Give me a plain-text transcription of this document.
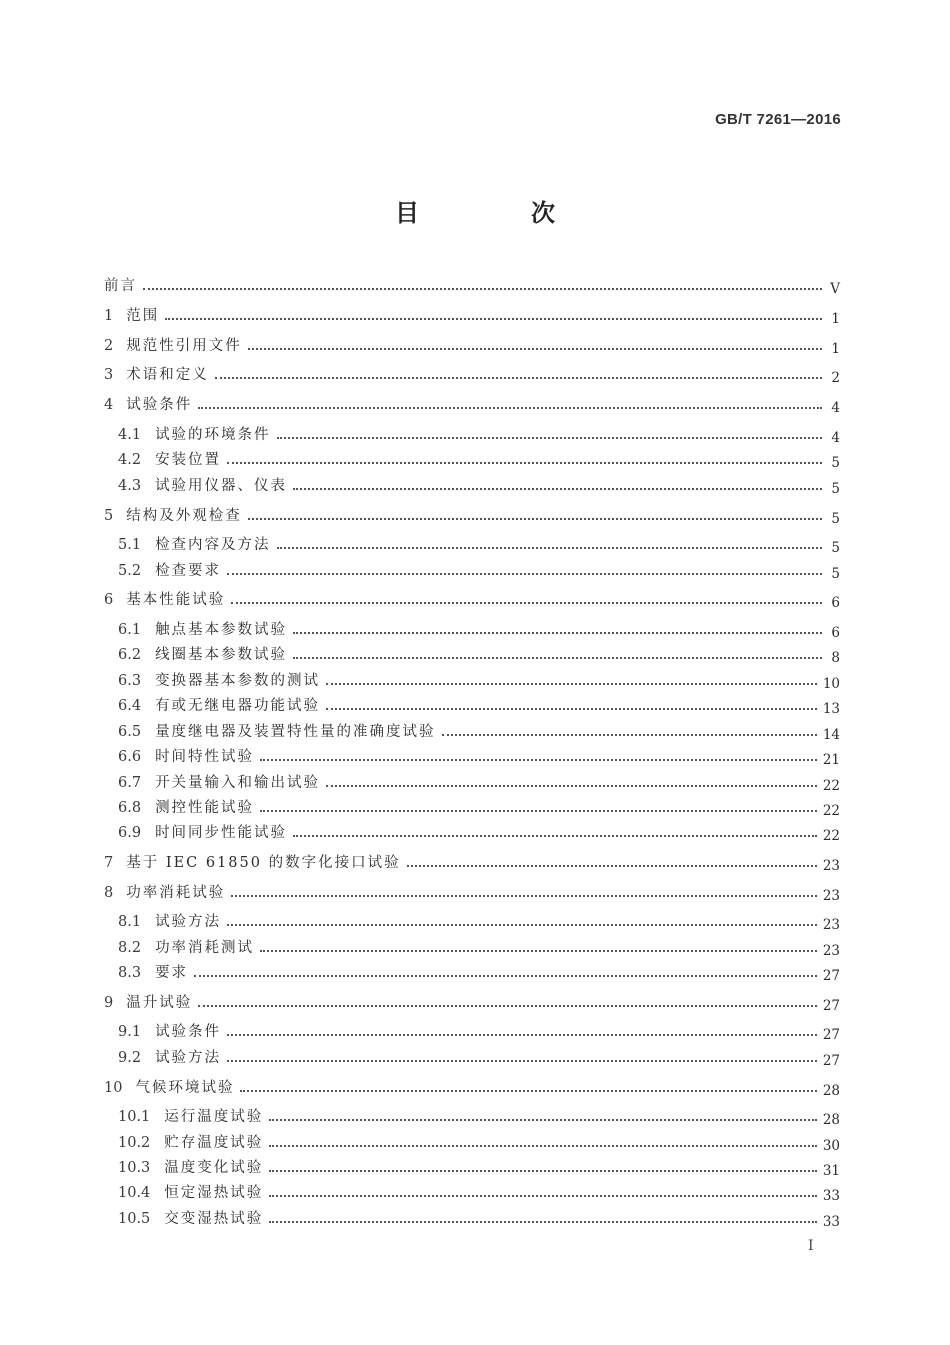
GB/T 7261—2016
目　次
前言	V
1 范围	1
2 规范性引用文件	1
3 术语和定义	2
4 试验条件	4
4.1 试验的环境条件	4
4.2 安装位置	5
4.3 试验用仪器、仪表	5
5 结构及外观检查	5
5.1 检查内容及方法	5
5.2 检查要求	5
6 基本性能试验	6
6.1 触点基本参数试验	6
6.2 线圈基本参数试验	8
6.3 变换器基本参数的测试	10
6.4 有或无继电器功能试验	13
6.5 量度继电器及装置特性量的准确度试验	14
6.6 时间特性试验	21
6.7 开关量输入和输出试验	22
6.8 测控性能试验	22
6.9 时间同步性能试验	22
7 基于 IEC 61850 的数字化接口试验	23
8 功率消耗试验	23
8.1 试验方法	23
8.2 功率消耗测试	23
8.3 要求	27
9 温升试验	27
9.1 试验条件	27
9.2 试验方法	27
10 气候环境试验	28
10.1 运行温度试验	28
10.2 贮存温度试验	30
10.3 温度变化试验	31
10.4 恒定湿热试验	33
10.5 交变湿热试验	33
I
